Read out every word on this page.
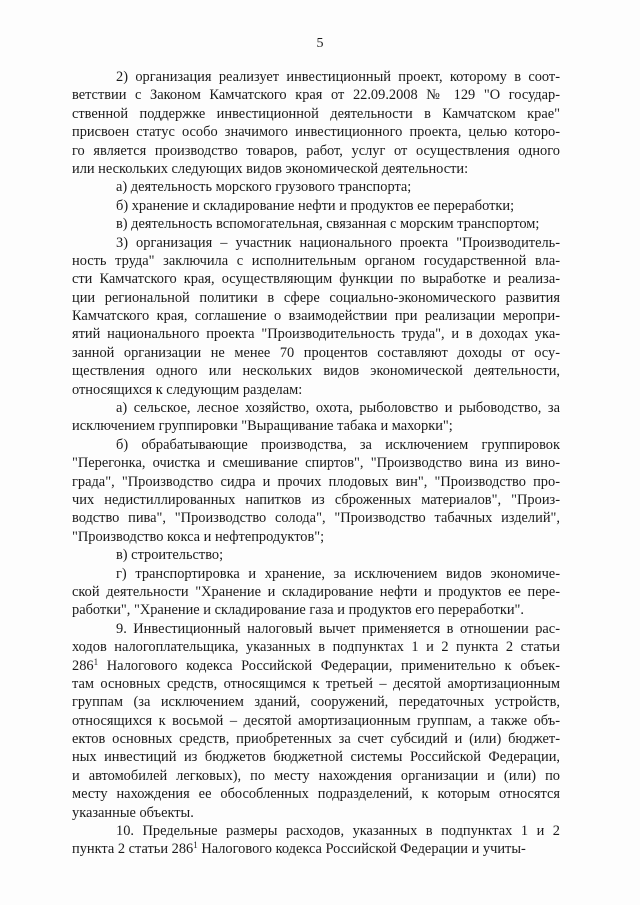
5
2) организация реализует инвестиционный проект, которому в соот-
ветствии с Законом Камчатского края от 22.09.2008 № 129 "О государ-
ственной поддержке инвестиционной деятельности в Камчатском крае"
присвоен статус особо значимого инвестиционного проекта, целью которо-
го является производство товаров, работ, услуг от осуществления одного
или нескольких следующих видов экономической деятельности:
а) деятельность морского грузового транспорта;
б) хранение и складирование нефти и продуктов ее переработки;
в) деятельность вспомогательная, связанная с морским транспортом;
3) организация – участник национального проекта "Производитель-
ность труда" заключила с исполнительным органом государственной вла-
сти Камчатского края, осуществляющим функции по выработке и реализа-
ции региональной политики в сфере социально-экономического развития
Камчатского края, соглашение о взаимодействии при реализации меропри-
ятий национального проекта "Производительность труда", и в доходах ука-
занной организации не менее 70 процентов составляют доходы от осу-
ществления одного или нескольких видов экономической деятельности,
относящихся к следующим разделам:
а) сельское, лесное хозяйство, охота, рыболовство и рыбоводство, за
исключением группировки "Выращивание табака и махорки";
б) обрабатывающие производства, за исключением группировок
"Перегонка, очистка и смешивание спиртов", "Производство вина из вино-
града", "Производство сидра и прочих плодовых вин", "Производство про-
чих недистиллированных напитков из сброженных материалов", "Произ-
водство пива", "Производство солода", "Производство табачных изделий",
"Производство кокса и нефтепродуктов";
в) строительство;
г) транспортировка и хранение, за исключением видов экономиче-
ской деятельности "Хранение и складирование нефти и продуктов ее пере-
работки", "Хранение и складирование газа и продуктов его переработки".
9. Инвестиционный налоговый вычет применяется в отношении рас-
ходов налогоплательщика, указанных в подпунктах 1 и 2 пункта 2 статьи
$286^1$ Налогового кодекса Российской Федерации, применительно к объек-
там основных средств, относящимся к третьей – десятой амортизационным
группам (за исключением зданий, сооружений, передаточных устройств,
относящихся к восьмой – десятой амортизационным группам, а также объ-
ектов основных средств, приобретенных за счет субсидий и (или) бюджет-
ных инвестиций из бюджетов бюджетной системы Российской Федерации,
и автомобилей легковых), по месту нахождения организации и (или) по
месту нахождения ее обособленных подразделений, к которым относятся
указанные объекты.
10. Предельные размеры расходов, указанных в подпунктах 1 и 2
пункта 2 статьи $286^1$ Налогового кодекса Российской Федерации и учиты-
